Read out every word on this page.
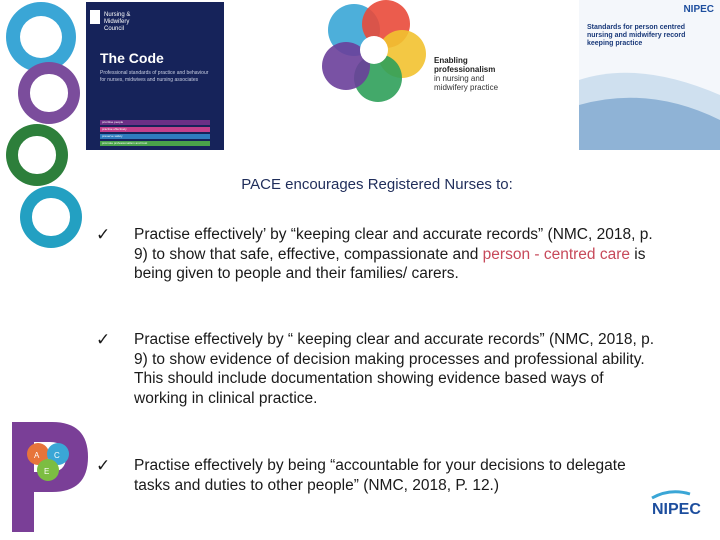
A C
E
Nursing &
Midwifery
Council
The Code
Professional standards of practice and behaviour for nurses, midwives and nursing associates
prioritise people
practise effectively
preserve safety
promote professionalism and trust
Enabling professionalism
in nursing and midwifery practice
NIPEC
Standards for person centred nursing and midwifery record keeping practice
PACE encourages Registered Nurses to:
✓ Practise effectively’ by “keeping clear and accurate records” (NMC, 2018, p. 9) to show that safe, effective, compassionate and person - centred care is being given to people and their families/ carers.
✓ Practise effectively by “ keeping clear and accurate records” (NMC, 2018, p. 9) to show evidence of decision making processes and professional ability. This should include documentation showing evidence based ways of working in clinical practice.
✓ Practise effectively by being “accountable for your decisions to delegate tasks and duties to other people” (NMC, 2018, P. 12.)
NIPEC
